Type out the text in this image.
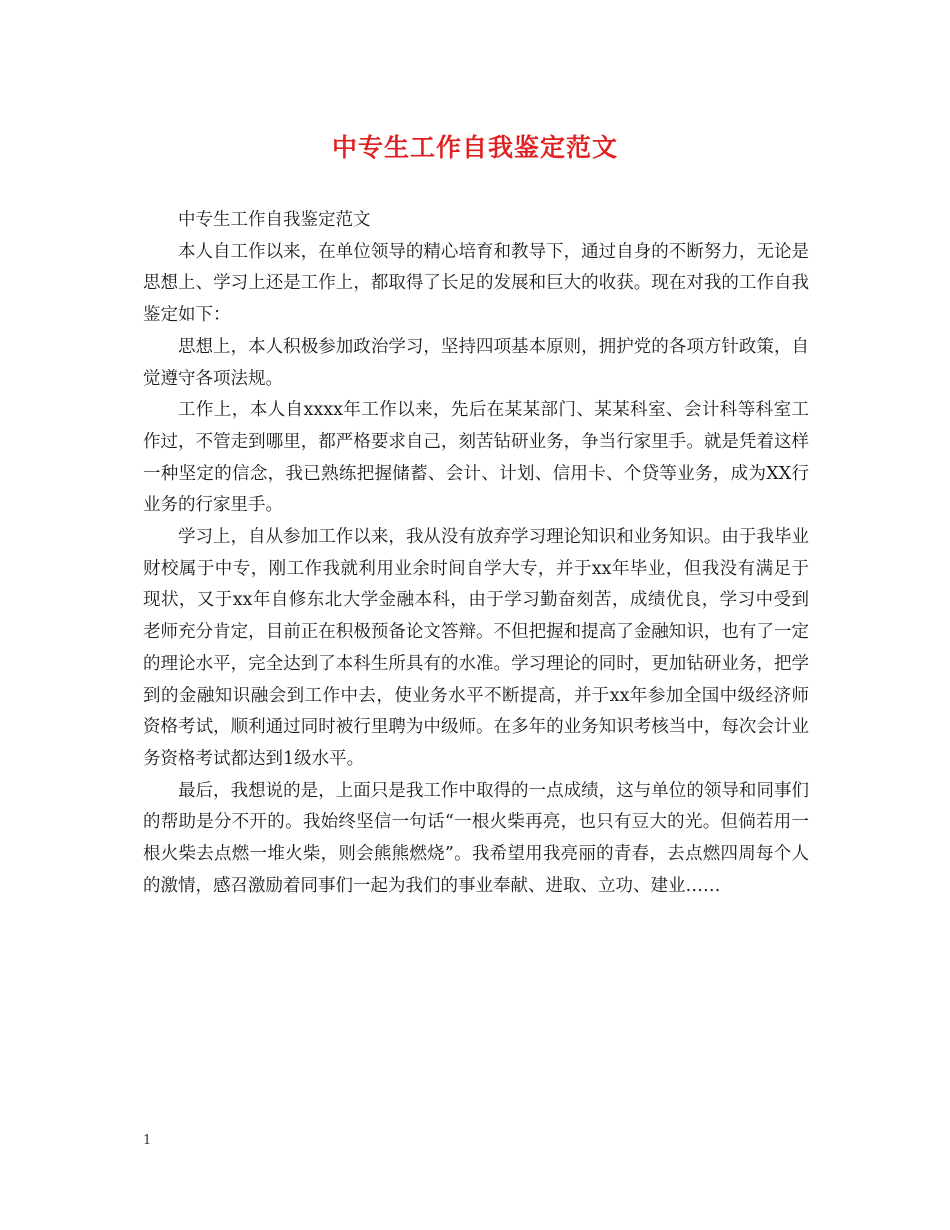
中专生工作自我鉴定范文

中专生工作自我鉴定范文

本人自工作以来，在单位领导的精心培育和教导下，通过自身的不断努力，无论是思想上、学习上还是工作上，都取得了长足的发展和巨大的收获。现在对我的工作自我鉴定如下：

思想上，本人积极参加政治学习，坚持四项基本原则，拥护党的各项方针政策，自觉遵守各项法规。

工作上，本人自xxxx年工作以来，先后在某某部门、某某科室、会计科等科室工作过，不管走到哪里，都严格要求自己，刻苦钻研业务，争当行家里手。就是凭着这样一种坚定的信念，我已熟练把握储蓄、会计、计划、信用卡、个贷等业务，成为XX行业务的行家里手。

学习上，自从参加工作以来，我从没有放弃学习理论知识和业务知识。由于我毕业财校属于中专，刚工作我就利用业余时间自学大专，并于xx年毕业，但我没有满足于现状，又于xx年自修东北大学金融本科，由于学习勤奋刻苦，成绩优良，学习中受到老师充分肯定，目前正在积极预备论文答辩。不但把握和提高了金融知识，也有了一定的理论水平，完全达到了本科生所具有的水准。学习理论的同时，更加钻研业务，把学到的金融知识融会到工作中去，使业务水平不断提高，并于xx年参加全国中级经济师资格考试，顺利通过同时被行里聘为中级师。在多年的业务知识考核当中，每次会计业务资格考试都达到1级水平。

最后，我想说的是，上面只是我工作中取得的一点成绩，这与单位的领导和同事们的帮助是分不开的。我始终坚信一句话“一根火柴再亮，也只有豆大的光。但倘若用一根火柴去点燃一堆火柴，则会熊熊燃烧”。我希望用我亮丽的青春，去点燃四周每个人的激情，感召激励着同事们一起为我们的事业奉献、进取、立功、建业……

1
